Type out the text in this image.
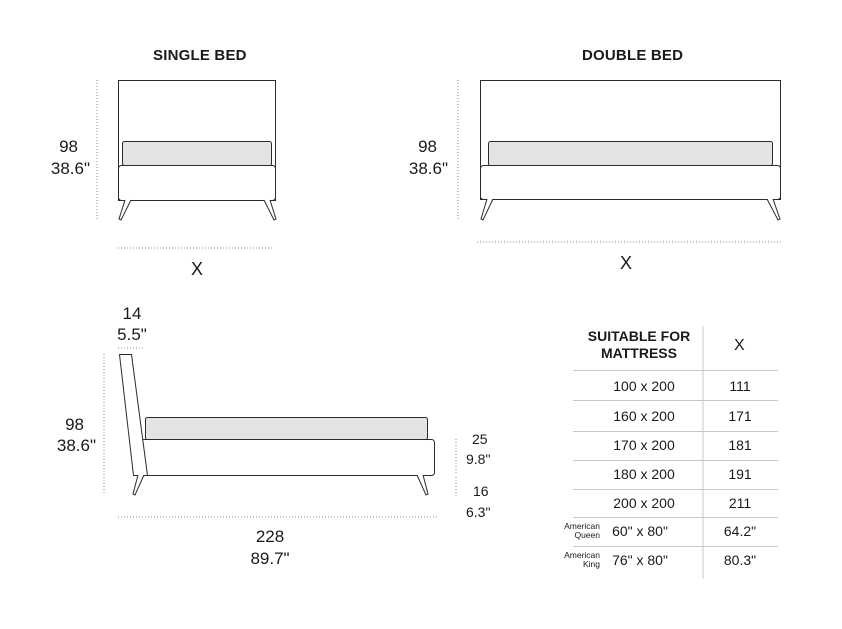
SINGLE BED
98
38.6"
X
DOUBLE BED
98
38.6"
X
14
5.5"
98
38.6"	25
9.8"
16
6.3"
228
89.7"
SUITABLE FOR MATTRESS	X
100 x 200	111
160 x 200	171
170 x 200	181
180 x 200	191
200 x 200	211
American Queen 60" x 80"	64.2"
American King 76" x 80"	80.3"
